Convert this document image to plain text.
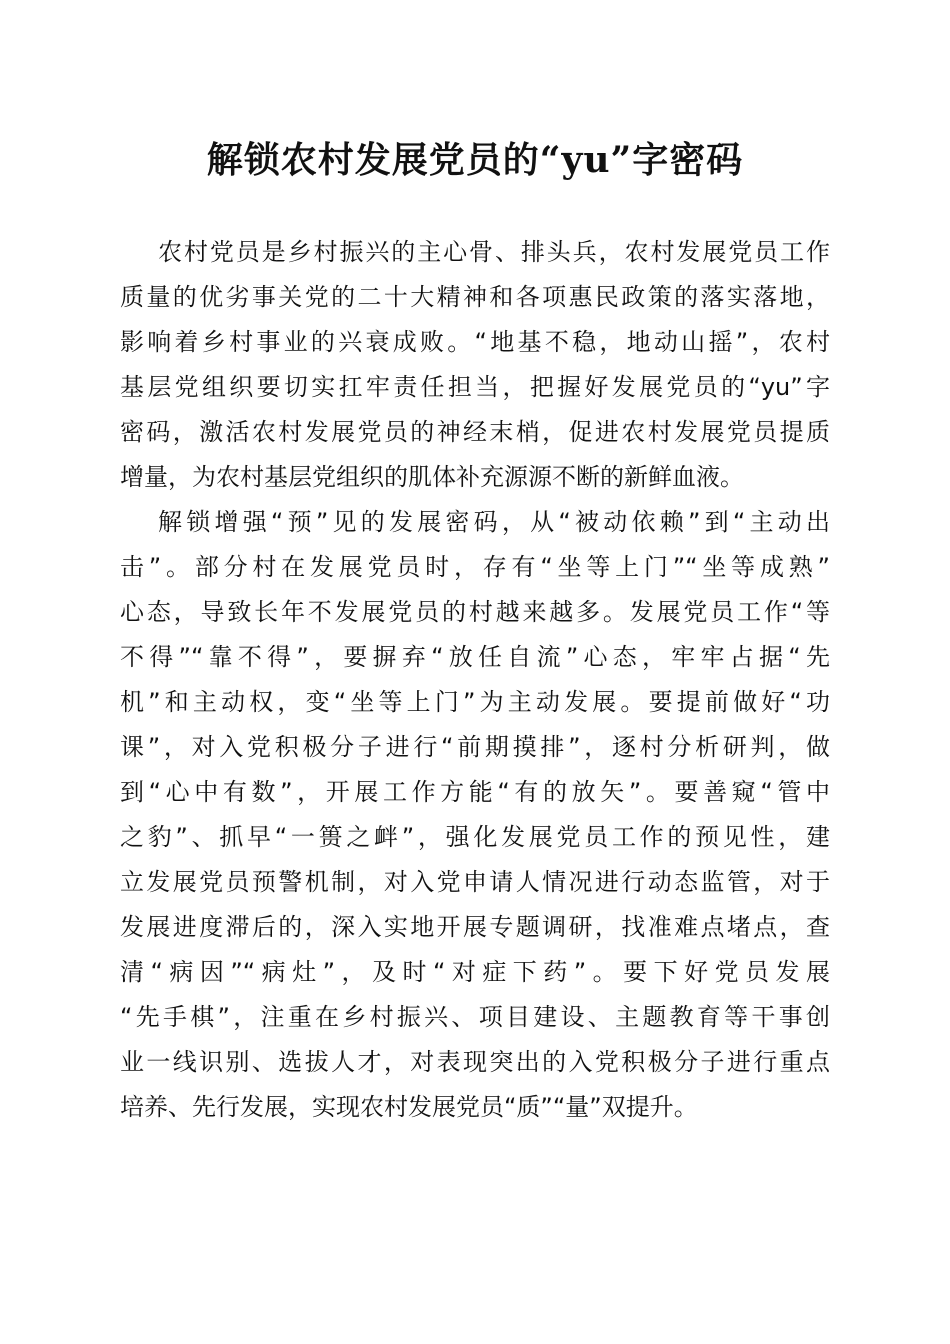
解锁农村发展党员的“yu”字密码
农村党员是乡村振兴的主心骨、排头兵，农村发展党员工作
质量的优劣事关党的二十大精神和各项惠民政策的落实落地，
影响着乡村事业的兴衰成败。“地基不稳，地动山摇”，农村
基层党组织要切实扛牢责任担当，把握好发展党员的“yu”字
密码，激活农村发展党员的神经末梢，促进农村发展党员提质
增量，为农村基层党组织的肌体补充源源不断的新鲜血液。
解锁增强“预”见的发展密码，从“被动依赖”到“主动出
击”。部分村在发展党员时，存有“坐等上门”“坐等成熟”
心态，导致长年不发展党员的村越来越多。发展党员工作“等
不得”“靠不得”，要摒弃“放任自流”心态，牢牢占据“先
机”和主动权，变“坐等上门”为主动发展。要提前做好“功
课”，对入党积极分子进行“前期摸排”，逐村分析研判，做
到“心中有数”，开展工作方能“有的放矢”。要善窥“管中
之豹”、抓早“一篑之衅”，强化发展党员工作的预见性，建
立发展党员预警机制，对入党申请人情况进行动态监管，对于
发展进度滞后的，深入实地开展专题调研，找准难点堵点，查
清“病因”“病灶”，及时“对症下药”。要下好党员发展
“先手棋”，注重在乡村振兴、项目建设、主题教育等干事创
业一线识别、选拔人才，对表现突出的入党积极分子进行重点
培养、先行发展，实现农村发展党员“质”“量”双提升。
